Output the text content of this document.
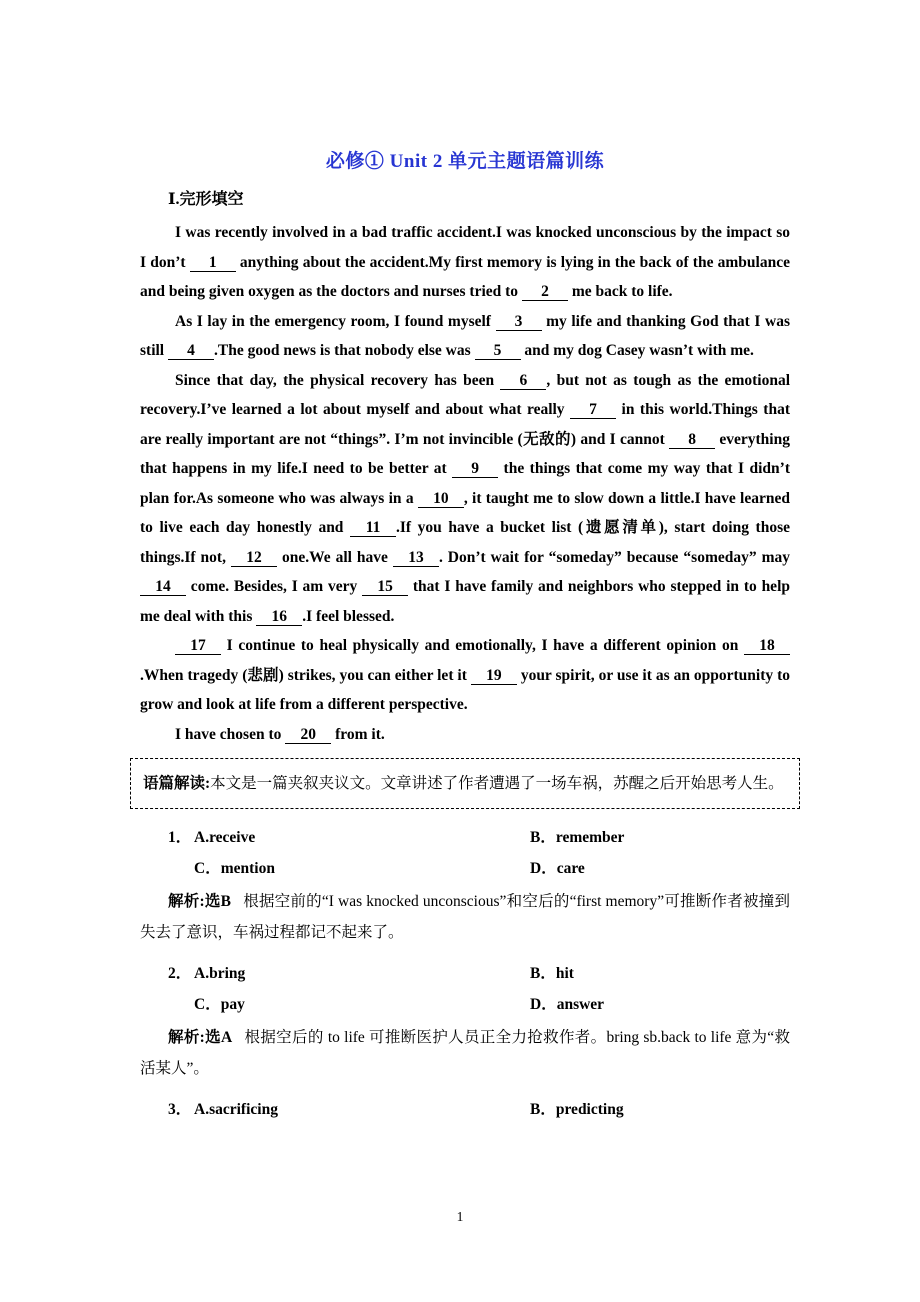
必修① Unit 2 单元主题语篇训练
Ⅰ.完形填空

I was recently involved in a bad traffic accident.I was knocked unconscious by the impact so I don’t 1 anything about the accident.My first memory is lying in the back of the ambulance and being given oxygen as the doctors and nurses tried to 2 me back to life.

As I lay in the emergency room, I found myself 3 my life and thanking God that I was still 4 .The good news is that nobody else was 5 and my dog Casey wasn’t with me.

Since that day, the physical recovery has been 6 , but not as tough as the emotional recovery.I’ve learned a lot about myself and about what really 7 in this world.Things that are really important are not “things”. I’m not invincible (无敌的) and I cannot 8 everything that happens in my life.I need to be better at 9 the things that come my way that I didn’t plan for.As someone who was always in a 10 , it taught me to slow down a little.I have learned to live each day honestly and 11 .If you have a bucket list (遗愿清单), start doing those things.If not, 12 one.We all have 13 . Don’t wait for “someday” because “someday” may 14 come. Besides, I am very 15 that I have family and neighbors who stepped in to help me deal with this 16 .I feel blessed.

17 I continue to heal physically and emotionally, I have a different opinion on 18.When tragedy (悲剧) strikes, you can either let it 19 your spirit, or use it as an opportunity to grow and look at life from a different perspective.

I have chosen to 20 from it.

语篇解读:本文是一篇夹叙夹议文。文章讲述了作者遭遇了一场车祸，苏醒之后开始思考人生。
1． A.receive	B．remember
C．mention	D．care

解析:选B 根据空前的“I was knocked unconscious”和空后的“first memory”可推断作者被撞到失去了意识，车祸过程都记不起来了。

2． A.bring	B．hit
C．pay	D．answer

解析:选A 根据空后的 to life 可推断医护人员正全力抢救作者。bring sb.back to life 意为“救活某人”。

3． A.sacrificing	B．predicting
1
